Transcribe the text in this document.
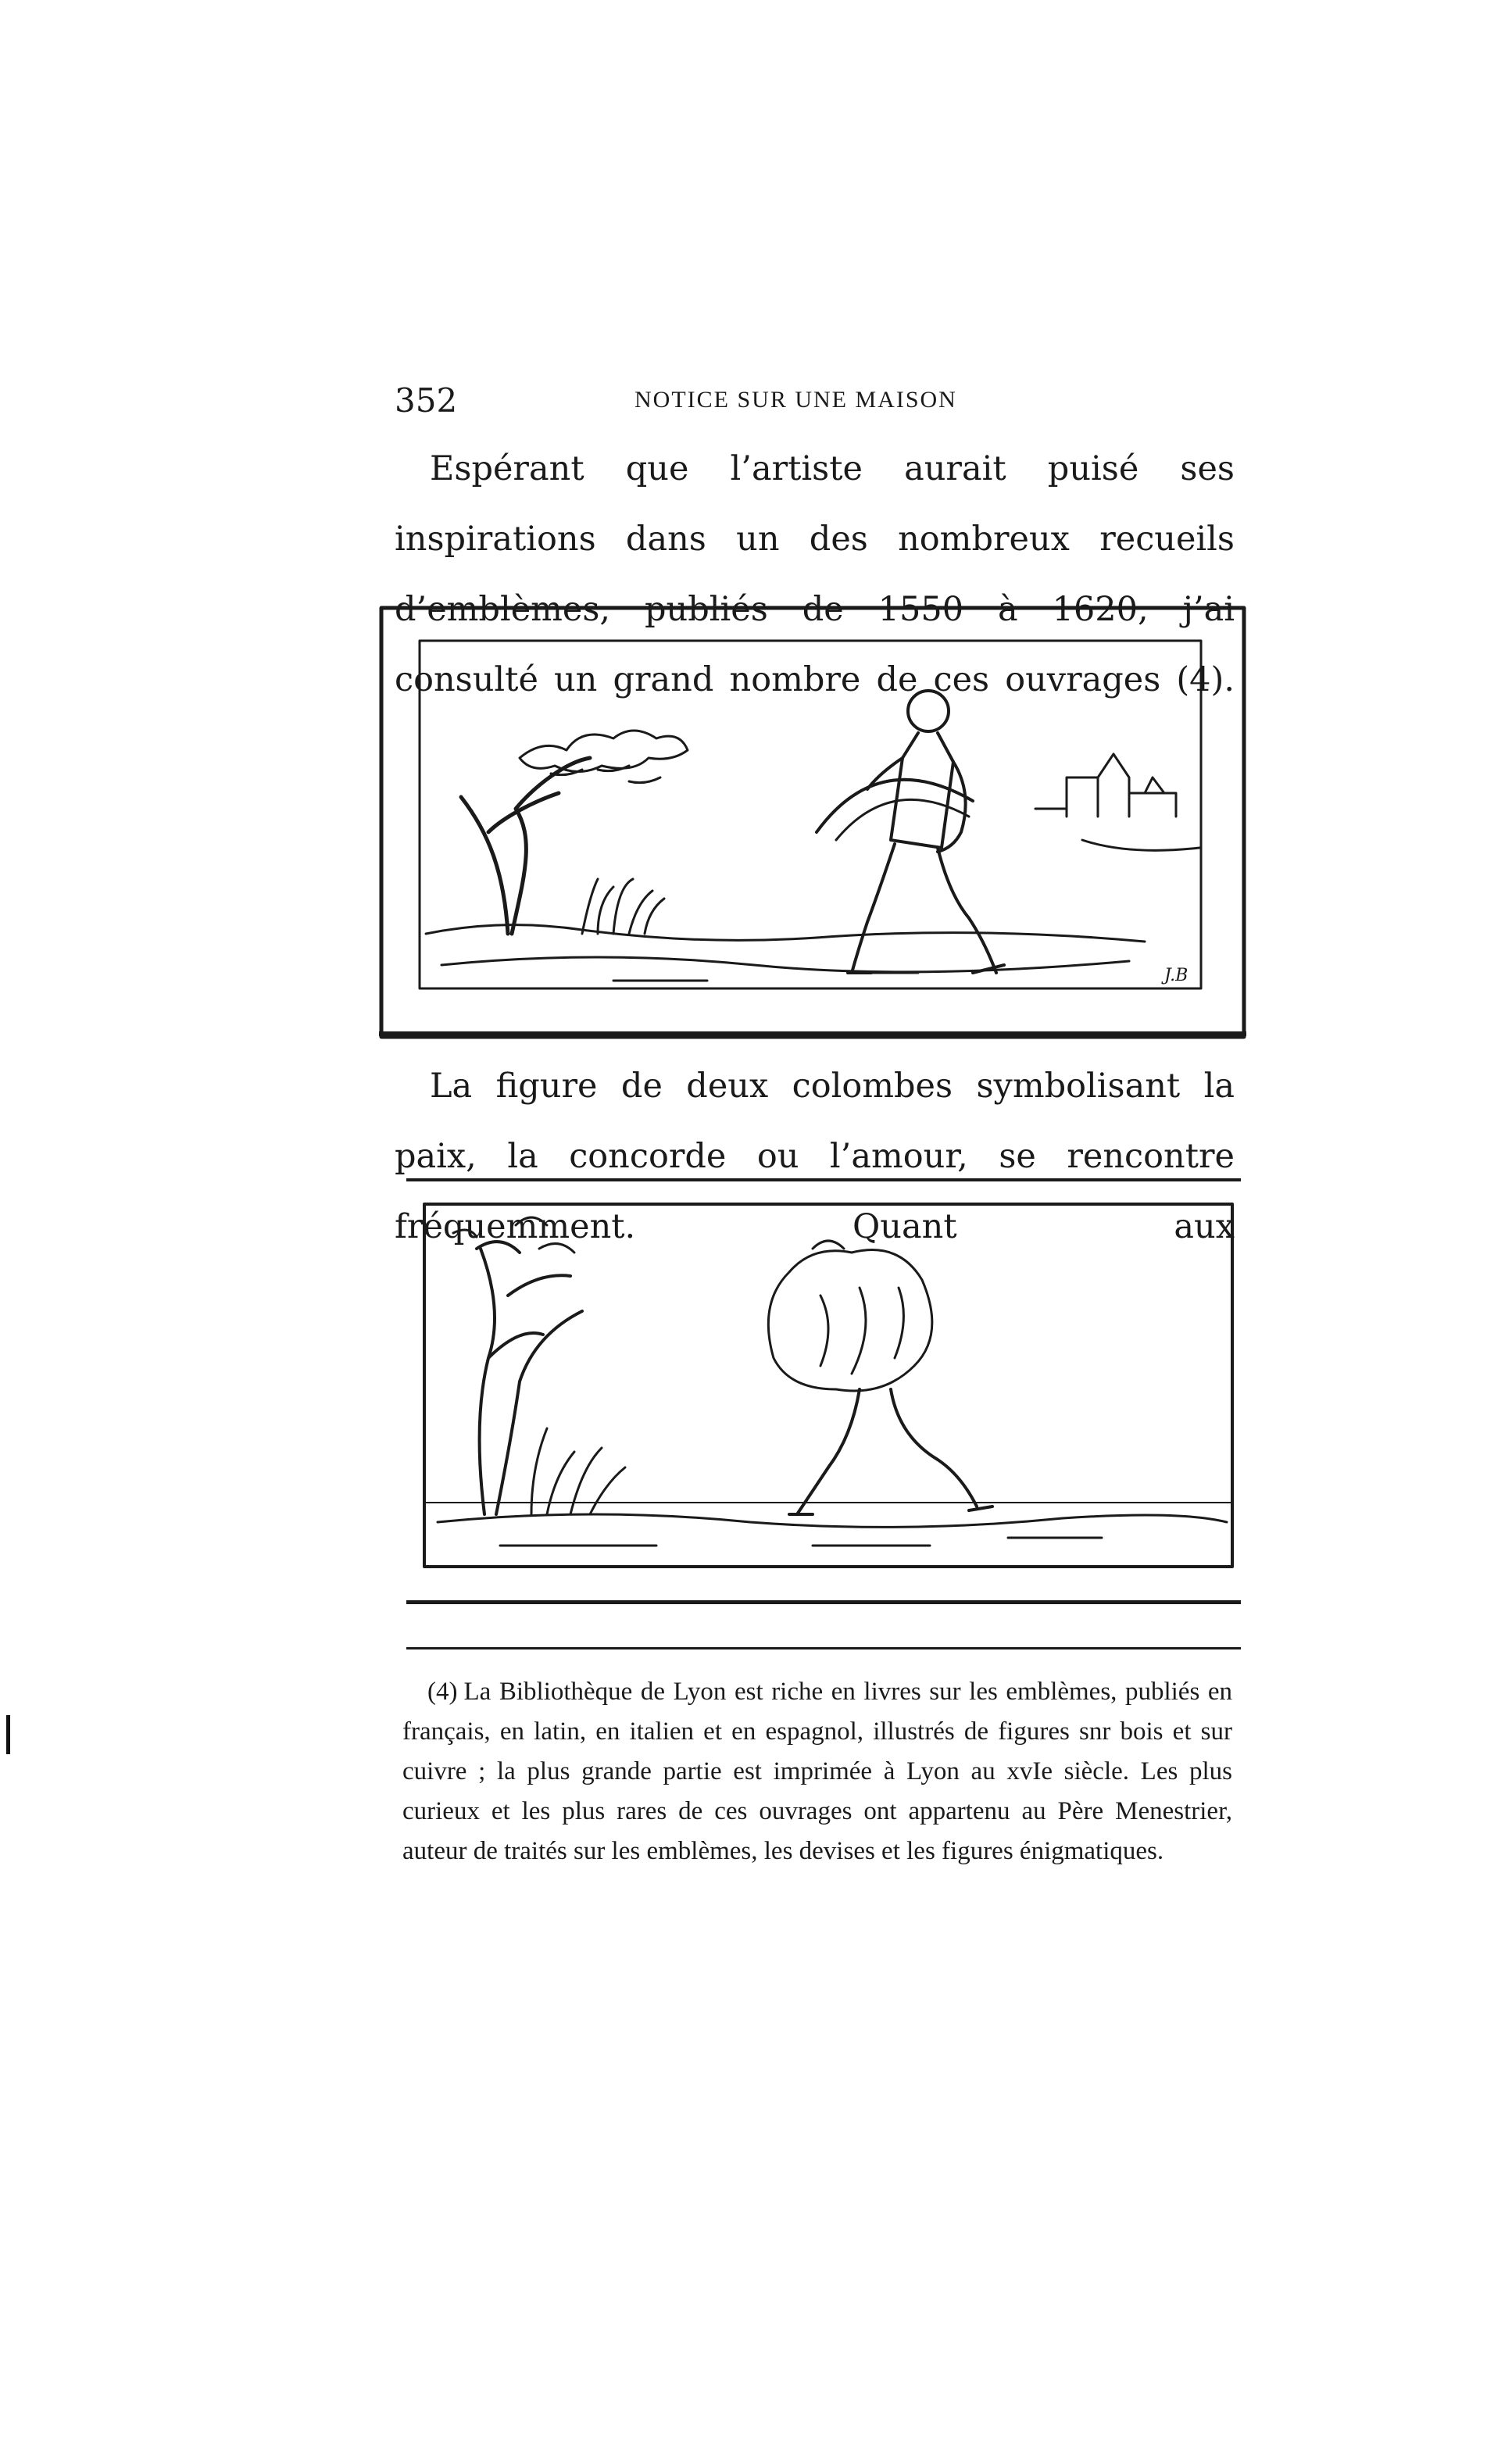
352	NOTICE SUR UNE MAISON

Espérant que l’artiste aurait puisé ses inspirations dans un des nombreux recueils d’emblèmes, publiés de 1550 à 1620, j’ai consulté un grand nombre de ces ouvrages (4).

J.B

La figure de deux colombes symbolisant la paix, la concorde ou l’amour, se rencontre fréquemment. Quant aux

(4) La Bibliothèque de Lyon est riche en livres sur les emblèmes, publiés en français, en latin, en italien et en espagnol, illustrés de figures snr bois et sur cuivre ; la plus grande partie est imprimée à Lyon au xvIe siècle. Les plus curieux et les plus rares de ces ouvrages ont appartenu au Père Menestrier, auteur de traités sur les emblèmes, les devises et les figures énigmatiques.
